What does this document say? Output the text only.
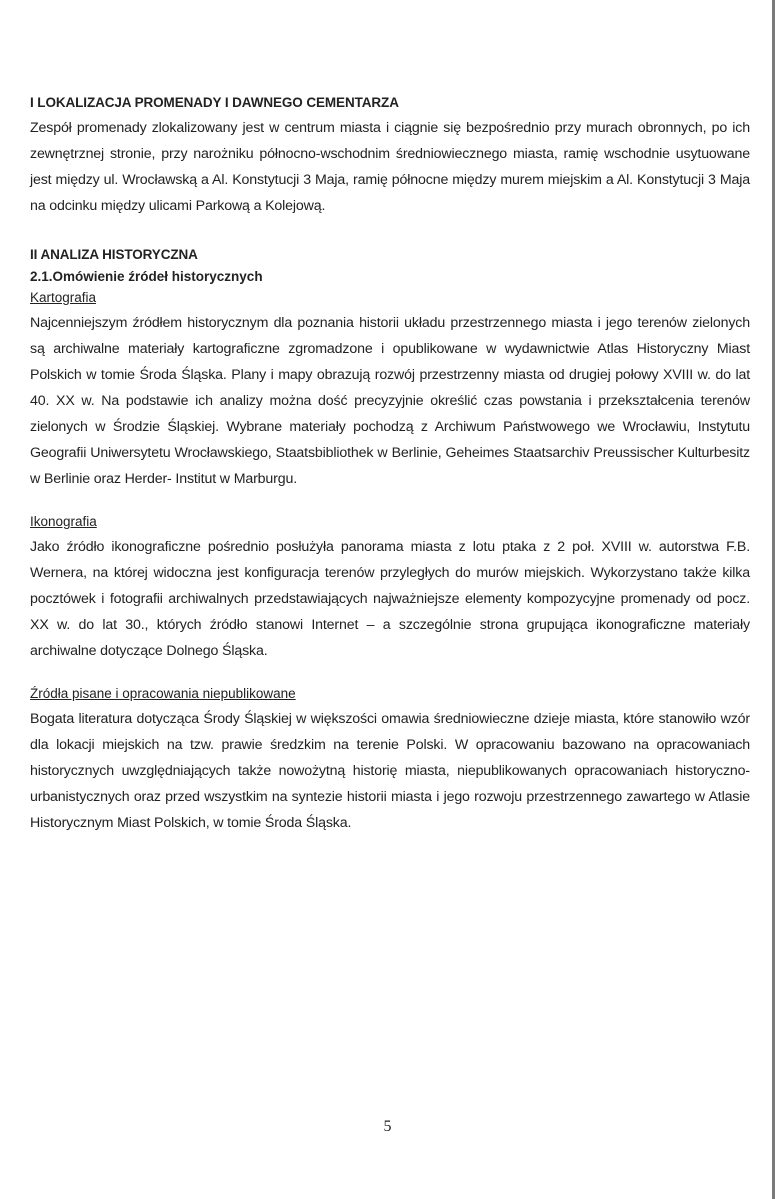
I LOKALIZACJA PROMENADY I DAWNEGO CEMENTARZA

Zespół promenady zlokalizowany jest w centrum miasta i ciągnie się bezpośrednio przy murach obronnych, po ich zewnętrznej stronie, przy narożniku północno-wschodnim średniowiecznego miasta, ramię wschodnie usytuowane jest między ul. Wrocławską a Al. Konstytucji 3 Maja, ramię północne między murem miejskim a Al. Konstytucji 3 Maja na odcinku między ulicami Parkową a Kolejową.

II ANALIZA HISTORYCZNA
2.1.Omówienie źródeł historycznych
Kartografia

Najcenniejszym źródłem historycznym dla poznania historii układu przestrzennego miasta i jego terenów zielonych są archiwalne materiały kartograficzne zgromadzone i opublikowane w wydawnictwie Atlas Historyczny Miast Polskich w tomie Środa Śląska. Plany i mapy obrazują rozwój przestrzenny miasta od drugiej połowy XVIII w. do lat 40. XX w. Na podstawie ich analizy można dość precyzyjnie określić czas powstania i przekształcenia terenów zielonych w Środzie Śląskiej. Wybrane materiały pochodzą z Archiwum Państwowego we Wrocławiu, Instytutu Geografii Uniwersytetu Wrocławskiego, Staatsbibliothek w Berlinie, Geheimes Staatsarchiv Preussischer Kulturbesitz w Berlinie oraz Herder- Institut w Marburgu.

Ikonografia

Jako źródło ikonograficzne pośrednio posłużyła panorama miasta z lotu ptaka z 2 poł. XVIII w. autorstwa F.B. Wernera, na której widoczna jest konfiguracja terenów przyległych do murów miejskich. Wykorzystano także kilka pocztówek i fotografii archiwalnych przedstawiających najważniejsze elementy kompozycyjne promenady od pocz. XX w. do lat 30., których źródło stanowi Internet – a szczególnie strona grupująca ikonograficzne materiały archiwalne dotyczące Dolnego Śląska.

Źródła pisane i opracowania niepublikowane

Bogata literatura dotycząca Środy Śląskiej w większości omawia średniowieczne dzieje miasta, które stanowiło wzór dla lokacji miejskich na tzw. prawie średzkim na terenie Polski. W opracowaniu bazowano na opracowaniach historycznych uwzględniających także nowożytną historię miasta, niepublikowanych opracowaniach historyczno-urbanistycznych oraz przed wszystkim na syntezie historii miasta i jego rozwoju przestrzennego zawartego w Atlasie Historycznym Miast Polskich, w tomie Środa Śląska.

5
